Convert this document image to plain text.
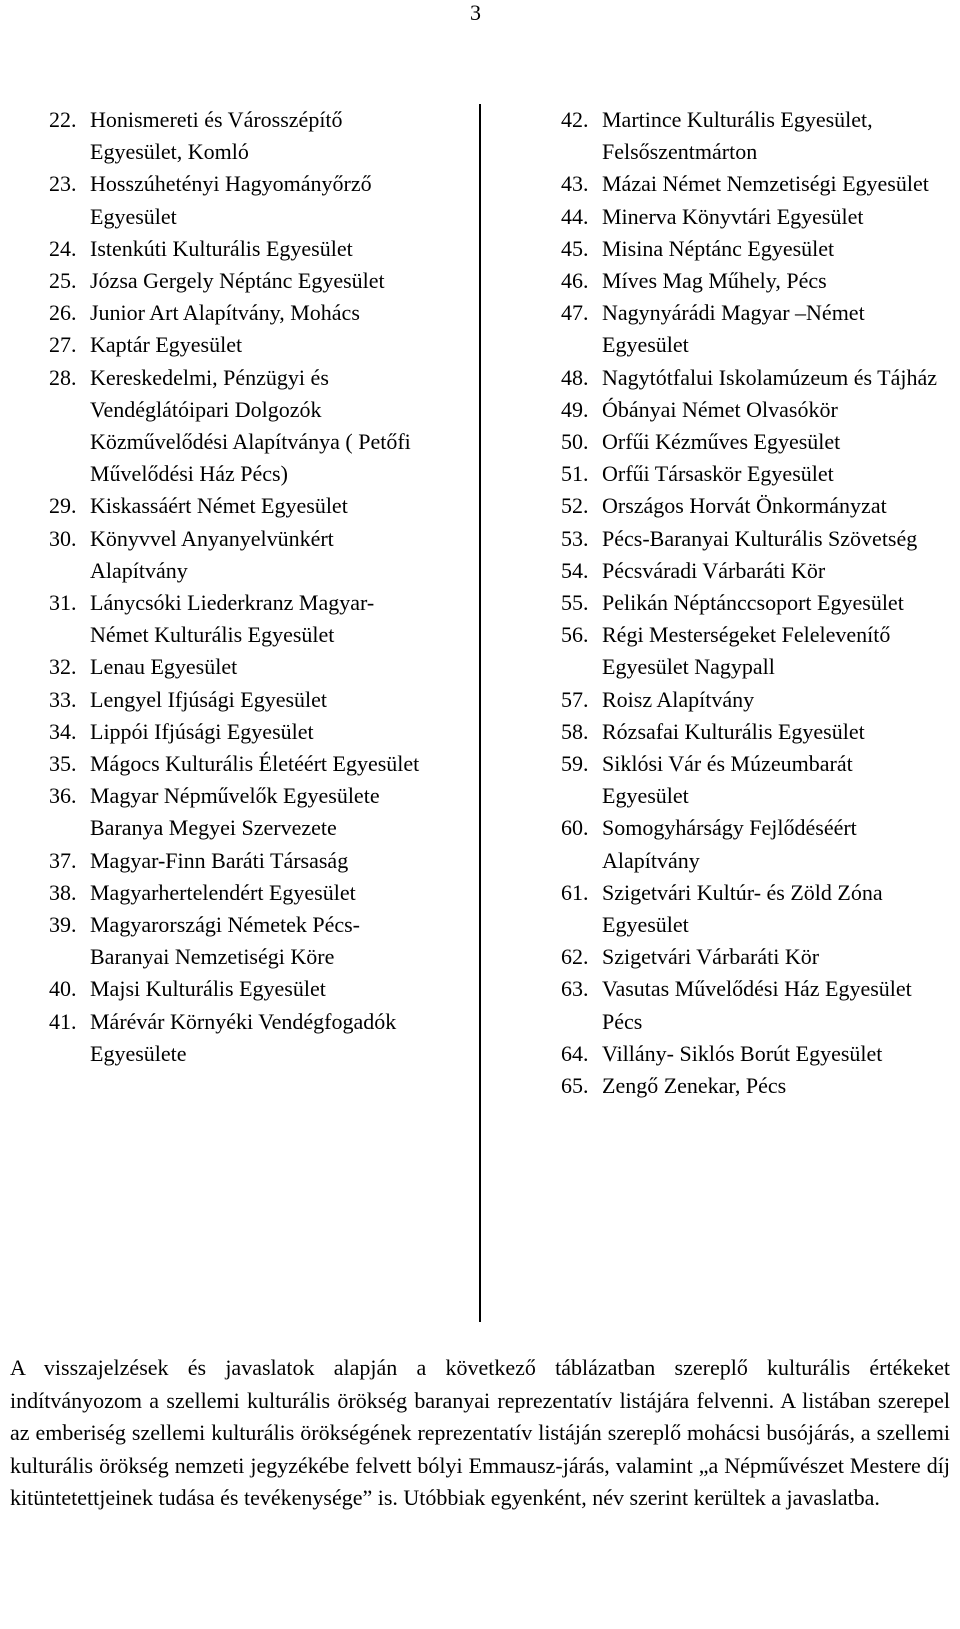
3
22. Honismereti és Városszépítő Egyesület, Komló
23. Hosszúhetényi Hagyományőrző Egyesület
24. Istenkúti Kulturális Egyesület
25. Józsa Gergely Néptánc Egyesület
26. Junior Art Alapítvány, Mohács
27. Kaptár Egyesület
28. Kereskedelmi, Pénzügyi és Vendéglátóipari Dolgozók Közművelődési Alapítványa ( Petőfi Művelődési Ház Pécs)
29. Kiskassáért Német Egyesület
30. Könyvvel Anyanyelvünkért Alapítvány
31. Lánycsóki Liederkranz Magyar-Német Kulturális Egyesület
32. Lenau Egyesület
33. Lengyel Ifjúsági Egyesület
34. Lippói Ifjúsági Egyesület
35. Mágocs Kulturális Életéért Egyesület
36. Magyar Népművelők Egyesülete Baranya Megyei Szervezete
37. Magyar-Finn Baráti Társaság
38. Magyarhertelendért Egyesület
39. Magyarországi Németek Pécs-Baranyai Nemzetiségi Köre
40. Majsi Kulturális Egyesület
41. Márévár Környéki Vendégfogadók Egyesülete
42. Martince Kulturális Egyesület, Felsőszentmárton
43. Mázai Német Nemzetiségi Egyesület
44. Minerva Könyvtári Egyesület
45. Misina Néptánc Egyesület
46. Míves Mag Műhely, Pécs
47. Nagynyárádi Magyar –Német Egyesület
48. Nagytótfalui Iskolamúzeum és Tájház
49. Óbányai Német Olvasókör
50. Orfűi Kézműves Egyesület
51. Orfűi Társaskör Egyesület
52. Országos Horvát Önkormányzat
53. Pécs-Baranyai Kulturális Szövetség
54. Pécsváradi Várbaráti Kör
55. Pelikán Néptánccsoport Egyesület
56. Régi Mesterségeket Felelevenítő Egyesület Nagypall
57. Roisz Alapítvány
58. Rózsafai Kulturális Egyesület
59. Siklósi Vár és Múzeumbarát Egyesület
60. Somogyhárságy Fejlődéséért Alapítvány
61. Szigetvári Kultúr- és Zöld Zóna Egyesület
62. Szigetvári Várbaráti Kör
63. Vasutas Művelődési Ház Egyesület Pécs
64. Villány- Siklós Borút Egyesület
65. Zengő Zenekar, Pécs

A visszajelzések és javaslatok alapján a következő táblázatban szereplő kulturális értékeket indítványozom a szellemi kulturális örökség baranyai reprezentatív listájára felvenni. A listában szerepel az emberiség szellemi kulturális örökségének reprezentatív listáján szereplő mohácsi busójárás, a szellemi kulturális örökség nemzeti jegyzékébe felvett bólyi Emmausz-járás, valamint „a Népművészet Mestere díj kitüntetettjeinek tudása és tevékenysége” is. Utóbbiak egyenként, név szerint kerültek a javaslatba.
